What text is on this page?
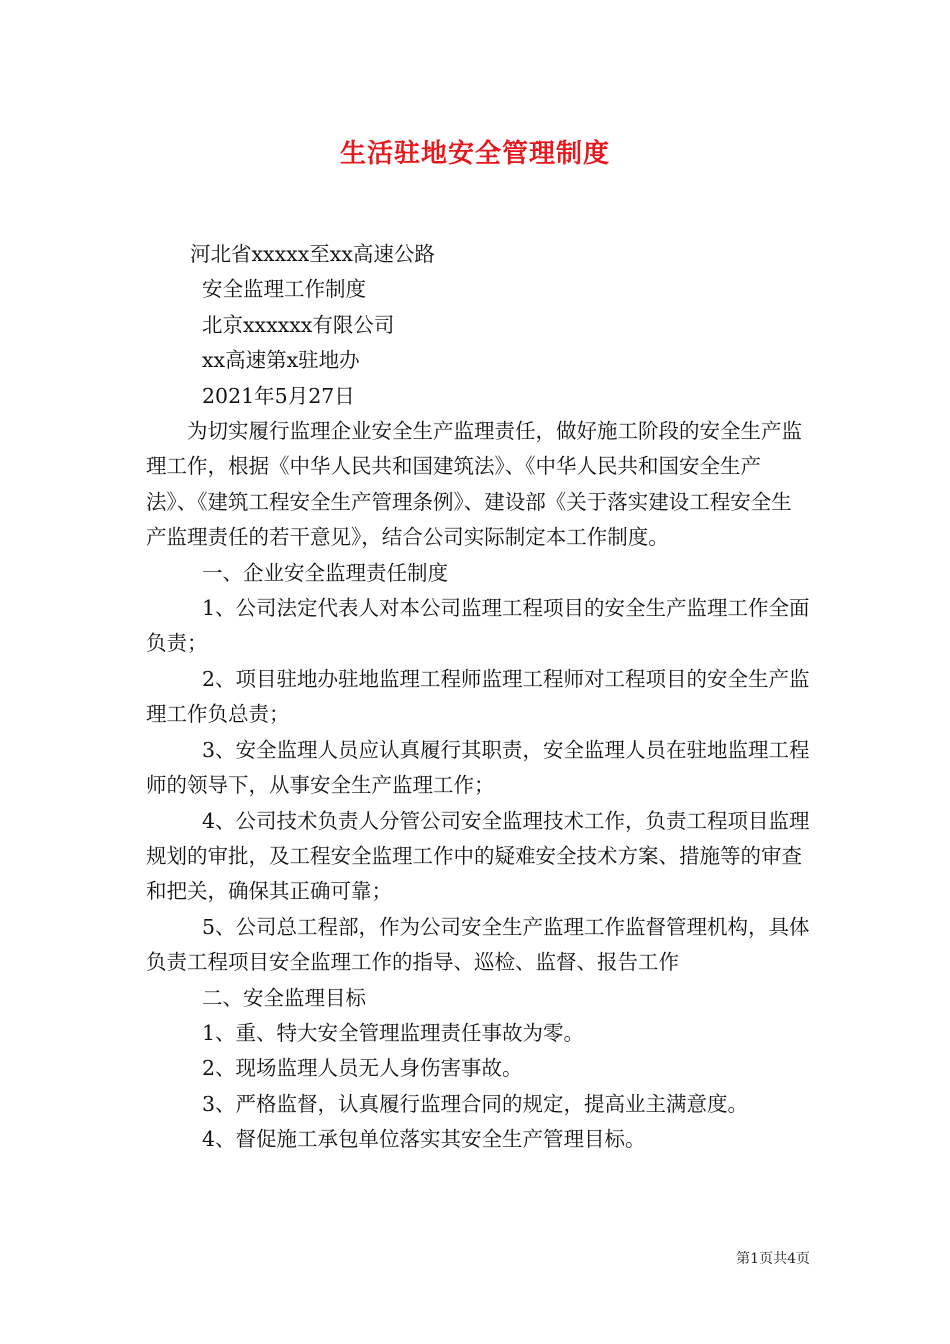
生活驻地安全管理制度

河北省xxxxx至xx高速公路

安全监理工作制度

北京xxxxxx有限公司

xx高速第x驻地办

2021年5月27日

为切实履行监理企业安全生产监理责任，做好施工阶段的安全生产监理工作，根据《中华人民共和国建筑法》、《中华人民共和国安全生产法》、《建筑工程安全生产管理条例》、建设部《关于落实建设工程安全生产监理责任的若干意见》，结合公司实际制定本工作制度。

一、企业安全监理责任制度

1、公司法定代表人对本公司监理工程项目的安全生产监理工作全面负责；

2、项目驻地办驻地监理工程师监理工程师对工程项目的安全生产监理工作负总责；

3、安全监理人员应认真履行其职责，安全监理人员在驻地监理工程师的领导下，从事安全生产监理工作；

4、公司技术负责人分管公司安全监理技术工作，负责工程项目监理规划的审批，及工程安全监理工作中的疑难安全技术方案、措施等的审查和把关，确保其正确可靠；

5、公司总工程部，作为公司安全生产监理工作监督管理机构，具体负责工程项目安全监理工作的指导、巡检、监督、报告工作

二、安全监理目标

1、重、特大安全管理监理责任事故为零。

2、现场监理人员无人身伤害事故。

3、严格监督，认真履行监理合同的规定，提高业主满意度。

4、督促施工承包单位落实其安全生产管理目标。

第1页共4页
